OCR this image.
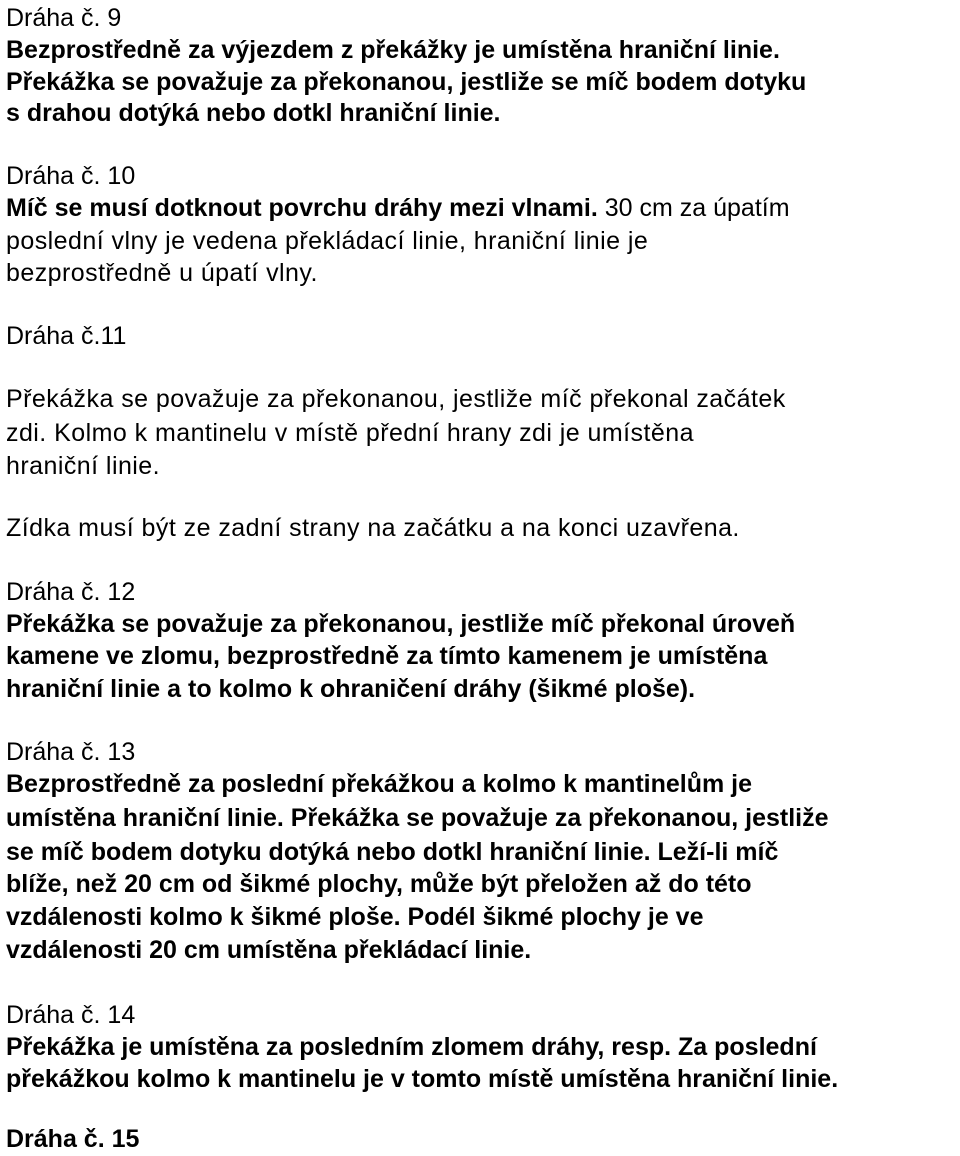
Dráha č. 9
Bezprostředně za výjezdem z překážky je umístěna hraniční linie.
Překážka se považuje za překonanou, jestliže se míč bodem dotyku
s drahou dotýká nebo dotkl hraniční linie.
Dráha č. 10
Míč se musí dotknout povrchu dráhy mezi vlnami. 30 cm za úpatím
poslední vlny je vedena překládací linie, hraniční linie je
bezprostředně u úpatí vlny.
Dráha č.11
Překážka se považuje za překonanou, jestliže míč překonal začátek
zdi. Kolmo k mantinelu v místě přední hrany zdi je umístěna
hraniční linie.
Zídka musí být ze zadní strany na začátku a na konci uzavřena.
Dráha č. 12
Překážka se považuje za překonanou, jestliže míč překonal úroveň
kamene ve zlomu, bezprostředně za tímto kamenem je umístěna
hraniční linie a to kolmo k ohraničení dráhy (šikmé ploše).
Dráha č. 13
Bezprostředně za poslední překážkou a kolmo k mantinelům je
umístěna hraniční linie. Překážka se považuje za překonanou, jestliže
se míč bodem dotyku dotýká nebo dotkl hraniční linie. Leží-li míč
blíže, než 20 cm od šikmé plochy, může být přeložen až do této
vzdálenosti kolmo k šikmé ploše. Podél šikmé plochy je ve
vzdálenosti 20 cm umístěna překládací linie.
Dráha č. 14
Překážka je umístěna za posledním zlomem dráhy, resp. Za poslední
překážkou kolmo k mantinelu je v tomto místě umístěna hraniční linie.
Dráha č. 15
